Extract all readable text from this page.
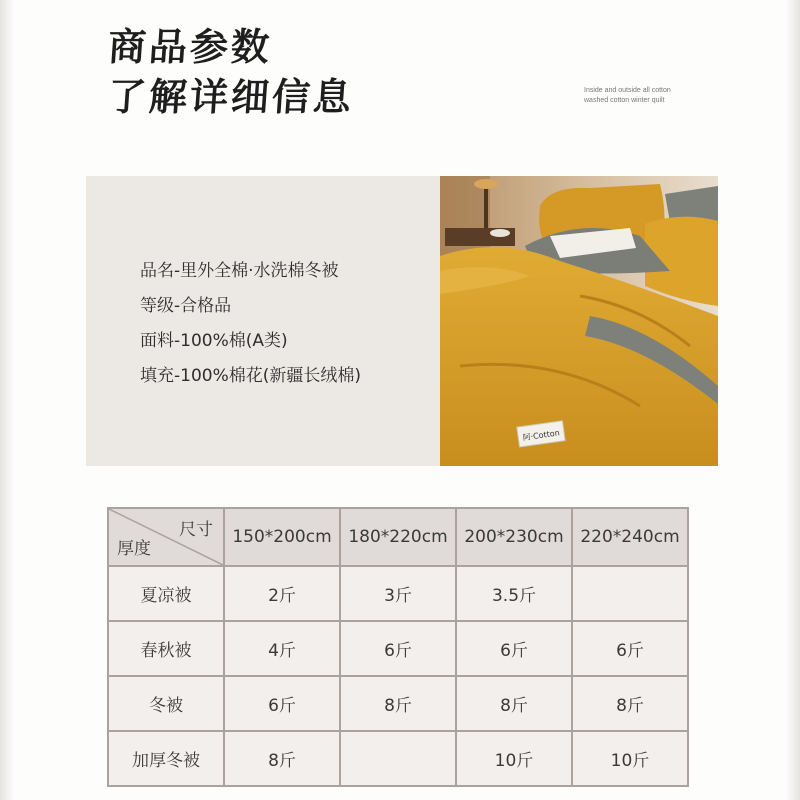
商品参数
了解详细信息	Inside and outside all cotton
washed cotton winter quilt
品名-里外全棉·水洗棉冬被
等级-合格品
面料-100%棉(A类)
填充-100%棉花(新疆长绒棉)
阿·Cotton
尺寸
厚度	150*200cm	180*220cm	200*230cm	220*240cm
夏凉被	2斤	3斤	3.5斤	
春秋被	4斤	6斤	6斤	6斤
冬被	6斤	8斤	8斤	8斤
加厚冬被	8斤		10斤	10斤
